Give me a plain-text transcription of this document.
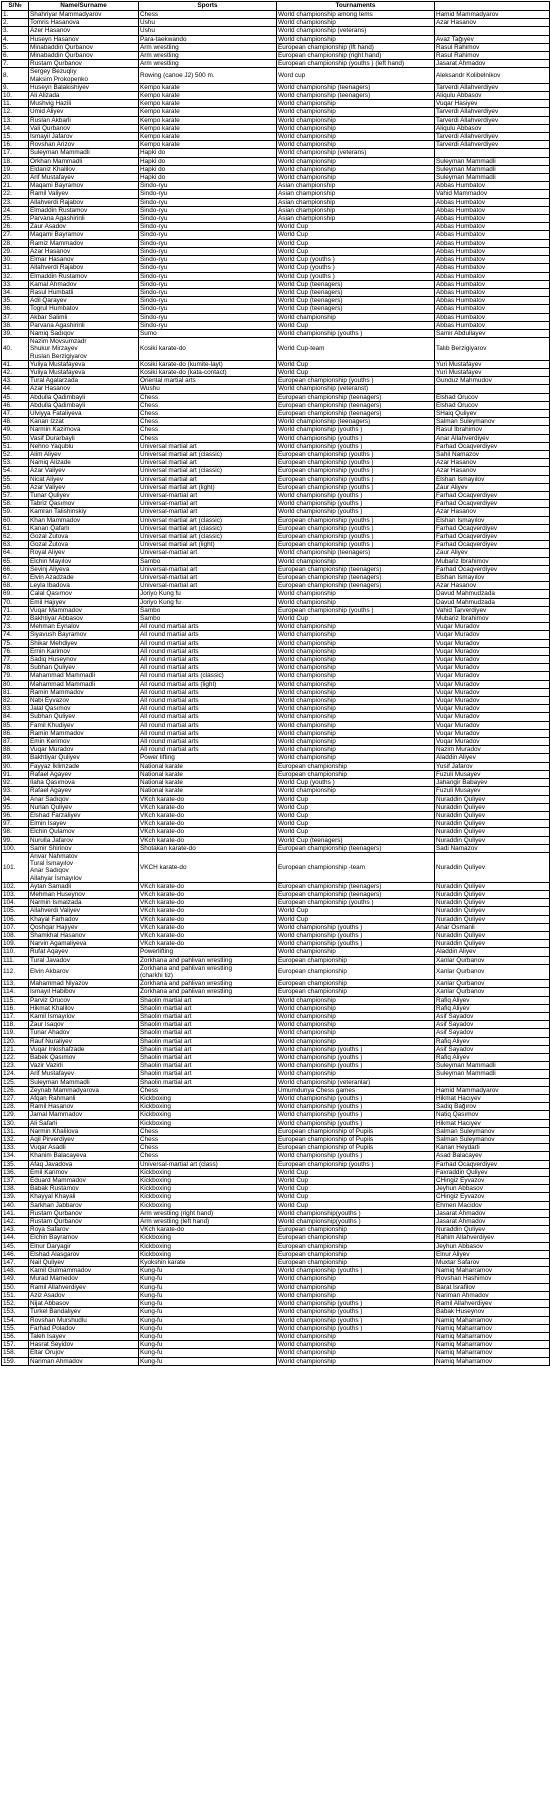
S/№	Name/Surname	Sports	Tournaments	
1.	Shahriyar Mammadyarov	Chess	World championship among tems	Hamid Mammadyarov
2.	Tomris Hasanova	Ushu	World championship	Azar Hasanov
3.	Azer Hasanov	Ushu	World championship (veterans)	
4.	Huseyn Hasanov	Para-taekwando	World championship	Avaz Tağıyev
5.	Minabaddin Qurbanov	Arm wrestling	European championship (lft hand)	Rasul Rahimov
6.	Minabaddin Qurbanov	Arm wrestling	European championship (right hand)	Rasul Rahimov
7.	Rustam Qurbanov	Arm wrestling	European championship (youths ) (left hand)	Jasarat Ahmadov
8.	Sergey Bezuqlıy
Maksim Prokopenko	Rowing (canoe J2) 500 m.	Word cup	Aleksandr Kolibelnikov
9.	Huseyn Balakishiyev	Kempo karate	World championship (teenagers)	Tarverdi Allahverdiyev
10.	Ali Alizada	Kempo karate	World championship (teenagers)	Aliqulu Abbasov
11.	Mushvig Hazili	Kempo karate	World championship	Vuqar Hasiyev
12.	Umid Aliyev	Kempo karate	World championship	Tarverdi Allahverdiyev
13.	Ruslan Akbarli	Kempo karate	World championship	Tarverdi Allahverdiyev
14.	Vali Qurbanov	Kempo karate	World championship	Aliqulu Abbasov
15.	Ismayil Jafarov	Kempo karate	World championship	Tarverdi Allahverdiyev
16.	Rovshan Arizov	Kempo karate	World championship	Tarverdi Allahverdiyev
17.	Suleyman Mammadli	Hapki do	World championship (veterans)	
18.	Orkhan Mammadli	Hapki do	World championship	Suleyman Mammadli
19.	Eldaniz Khalilov	Hapki do	World championship	Suleyman Mammadli
20.	Arif Mustafayev	Hapki do	World championship	Suleyman Mammadli
21.	Maqami Bayramov	Sindo-ryu	Asian championship	Abbas Humbatov
22.	Ramil Valiyev	Sindo-ryu	Asian championship	Vahid Mammadov
23.	Allahverdi Rajabov	Sindo-ryu	Asian championship	Abbas Humbatov
24.	Elmaddin Rustamov	Sindo-ryu	Asian championship	Abbas Humbatov
25.	Parvana Agashirinli	Sindo-ryu	Asian championship	Abbas Humbatov
26.	Zaur Asadov	Sindo-ryu	World Cup	Abbas Humbatov
27.	Maqami Bayramov	Sindo-ryu	World Cup	Abbas Humbatov
28.	Ramiz Mammadov	Sindo-ryu	World Cup	Abbas Humbatov
29.	Azar Hasanov	Sindo-ryu	World Cup	Abbas Humbatov
30.	Elmar Hasanov	Sindo-ryu	World Cup (youths )	Abbas Humbatov
31.	Allahverdi Rajabov	Sindo-ryu	World Cup (youths )	Abbas Humbatov
32.	Elmaddin Rustamov	Sindo-ryu	World Cup (youths )	Abbas Humbatov
33.	Kamal Ahmadov	Sindo-ryu	World Cup (teenagers)	Abbas Humbatov
34.	Rasul Humbatli	Sindo-ryu	World Cup (teenagers)	Abbas Humbatov
35.	Adil Qarayev	Sindo-ryu	World Cup (teenagers)	Abbas Humbatov
36.	Togrul Humbatov	Sindo-ryu	World Cup (teenagers)	Abbas Humbatov
37.	Akbar Salimli	Sindo-ryu	World championship	Abbas Humbatov
38.	Parvana Agashirinli	Sindo-ryu	World Cup	Abbas Humbatov
39.	Namiq Sadıqov	Sumo	World championship (youths )	Samir Abdullayev
40.	Nazim Movsumzadr
Shukur Mirzayev
Ruslan Berzigiyarov	Kosiki karate-do	World Cup-team	Talıb Berzigiyarov
41.	Yuliya Mustafayeva	Kosiki karate-do (kumite-layt)	World Cup	Yuri Mustafayev
42.	Yuliya Mustafayeva	Kosiki karate-do (kata-contact)	World Cup	Yuri Mustafayev
43.	Tural Agalarzada	Oriental martial arts	European championship (youths )	Gunduz Mahmudov
44.	Azar Hasanov	Wushu	World championship (veteranst)	
45.	Abdulla Qadimbayli	Chess	European championship (teenagers)	Elshad Orucov
46.	Abdulla Qadimbayli	Chess	European championship (teenagers)	Elshad Orucov
47.	Ulviyya Fataliyeva	Chess	European championship (teenagers)	SHaiq Quliyev
48.	Kanan Izzat	Chess	World championship (teenagers)	Salman Suleymanov
49.	Narmin Kazimova	Chess	World championship (youths )	Rasul İbrahimov
50.	Vasif Durarbayli	Chess	World championship (youths )	Anar Allahverdiyev
51.	Nehno Yaqublu	Universal martial art	World championship (youths )	Farhad Ocaqverdiyev
52.	Alim Aliyev	Universal martial art (classic)	European championship (youths )	Sahil Namazov
53.	Namiq Alizade	Universal martial art	European championship (youths )	Azar Hasanov
54.	Azar Valiyev	Universal martial art (classic)	European championship (youths )	Azar Hasanov
55.	Nicat Aliyev	Universal martial art	European championship (youths )	Elshan İsmayılov
56.	Azar Valiyev	Universal martial art (light)	European championship (youths )	Zaur Aliyev
57.	Tunar Quliyev	Universal-martial art	World championship (youths )	Farhad Ocaqverdiyev
58.	Tabriz Qasımov	Universal-martial art	World championship (youths )	Farhad Ocaqverdiyev
59.	Kamran Talishinskiy	Universal-martial art	World championship (youths )	Azar Hasanov
60.	Khan Mammadov	Universal martial art (classic)	European championship (youths )	Elshan İsmayılov
61.	Kanan Qafarlı	Universal martial art (classic)	European championship (youths )	Farhad Ocaqverdiyev
62.	Gozal Zutova	Universal martial art (classic)	European championship (youths )	Farhad Ocaqverdiyev
63.	Gozal Zutova	Universal martial art (light)	European championship (youths )	Farhad Ocaqverdiyev
64.	Royal Aliyev	Universal-martial art	World championship (teenagers)	Zaur Aliyev
65.	Elchin Mayılov	Sambo	World championship	Mubariz İbrahimov
66.	Sevinj Aliyeva	Universal-martial art	European championship (teenagers)	Farhad Ocaqverdiyev
67.	Elvin Azadzade	Universal-martial art	European championship (teenagers)	Elshan İsmayılov
68.	Leyla İbadova	Universal-martial art	European championship (teenagers)	Azar Hasanov
69.	Calal Qasımov	Joriyo Kung fu	World championship	Davud Mahmudzada
70.	Emil Hajıyev	Joriyo Kung fu	World championship	Davud Mahmudzada
71.	Vuqar Mammadov	Sambo	European championship (youths )	Vahid Tarverdiyev
72.	Bakhtiyar Abbasov	Sambo	World Cup	Mubariz İbrahimov
73.	Mehman Eynalov	All round martial arts	World championship	Vuqar Muradov
74.	Siyavush Bayramov	All round martial arts	World championship	Vuqar Muradov
75.	Shikar Mehdiyev	All round martial arts	World championship	Vuqar Muradov
76.	Ernin Karimov	All round martial arts	World championship	Vuqar Muradov
77.	Sadiq Huseynov	All round martial arts	World championship	Vuqar Muradov
78.	Subhan Quliyev	All round martial arts	World championship	Vuqar Muradov
79.	Mahammad Mammadli	All round martial arts (classic)	World championship	Vuqar Muradov
80.	Mahammad Mammadli	All round martial arts (light)	World championship	Vuqar Muradov
81.	Ramin Mammadov	All round martial arts	World championship	Vuqar Muradov
82.	Nabi Eyvazov	All round martial arts	World championship	Vuqar Muradov
83.	Jalal Qasımov	All round martial arts	World championship	Vuqar Muradov
84.	Subhan Quliyev	All round martial arts	World championship	Vuqar Muradov
85.	Famil Khudiyev	All round martial arts	World championship	Vuqar Muradov
86.	Ramin Mammadov	All round martial arts	World championship	Vuqar Muradov
87.	Emin Kerimov	All round martial arts	World championship	Vuqar Muradov
88.	Vuqar Muradov	All round martial arts	World championship	Nazim Muradov
89.	Bakhtiyar Quliyev	Power lifting	World championship	Aladdin Aliyev
90.	Fayyaz İklimzade	National karate	European championship	Yusif Jafarov
91.	Rafael Agayev	National karate	European championship	Fuzuli Musayev
92.	İlaha Qasımova	National karate	World Cup (youths )	Jahangir Babayev
93.	Rafael Agayev	National karate	World championship	Fuzuli Musayev
94.	Anar Sadıqov	VKch karate-do	World Cup	Nuraddin Quliyev
95.	Nurlan Quliyev	VKch karate-do	World Cup	Nuraddin Quliyev
96.	Elshad Farzaliyev	VKch karate-do	World Cup	Nuraddin Quliyev
97.	Elmin İsayev	VKch karate-do	World Cup	Nuraddin Quliyev
98.	Elchin Qulamov	VKch karate-do	World Cup	Nuraddin Quliyev
99.	Nurulla Jafarov	VKch karate-do	World Cup (teenagers)	Nuraddin Quliyev
100.	Samir Shirinov	Shotakan karate-do	European championship (teenagers)	Sadi Namazov
101.	Anvar Nahmatov
Tural İsmayılov
Anar Sadıqov
Allahyar İsmayılov	VKCH karate-do	European championship -team	Nuraddin Quliyev
102.	Aytan Samadli	VKch karate-do	European championship (teenagers)	Nuraddin Quliyev
103.	Mehman Huseynov	VKch karate-do	European championship (teenagers)	Nuraddin Quliyev
104.	Narmin Ismalzada	VKch karate-do	European championship (youths )	Nuraddin Quliyev
105.	Allahverdi Valiyev	VKch karate-do	World Cup	Nuraddin Quliyev
106.	Khayal Farhadov	VKch karate-do	World Cup	Nuraddin Quliyev
107.	Qoshqar Hajıyev	VKch karate-do	World championship (youths )	Anar Osmanli
108.	Shamkhal Hasanov	VKch karate-do	World championship (youths )	Nuraddin Quliyev
109.	Narvin Agamaliyeva	VKch karate-do	World championship (youths )	Nuraddin Quliyev
110.	Rufat Aqayev	Powerlifting	World championship	Aladdin Aliyev
111.	Tural Javadov	Zorkhana and pahlivan wrestling	European championship	Xanlar Qurbanov
112.	Elvin Akbarov	Zorkhana and pahlivan wrestling
(charkhi tiz)	European championship	Xanlar Qurbanov
113.	Mahammad Niyazov	Zorkhana and pahlivan wrestling	European championship	Xanlar Qurbanov
114.	İsmayıl Habibov	Zorkhana and pahlivan wrestling	European championship	Xanlar Qurbanov
115.	Parviz Orucov	Shaolin martial art	World championship	Rafiq Aliyev
116.	Hikmat Khalilov	Shaolin martial art	World championship	Rafiq Aliyev
117.	Kamil İsmayılov	Shaolin martial art	World championship	Asif Sayadov
118.	Zaur İsaqov	Shaolin martial art	World championship	Asif Sayadov
119.	Tunar Ahadov	Shaolin martial art	World championship	Asif Sayadov
120.	Rauf Nuraliyev	Shaolin martial art	World championship	Rafiq Aliyev
121.	Vuqar İnkishafzade	Shaolin martial art	World championship (youths )	Asif Sayadov
122.	Babek Qasımov	Shaolin martial art	World championship (youths )	Rafiq Aliyev
123.	Vazir Vazirli	Shaolin martial art	World championship (youths )	Suleyman Mammadli
124.	Arif Mustafayev	Shaolin martial art	World championship	Suleyman Mammadli
125.	Suleyman Mammadli	Shaolin martial art	World championship (veteranlar)	
126.	Zeynab Mammadyarova	Chess	Umumdunya Chess games	Hamid Mammadyarov
127.	Afqan Rahmanli	Kickboxing	World championship (youths )	Hikmat Hacıyev
128.	Ramil Hasanov	Kickboxing	World championship (youths )	Sadiq Bağırov
129.	Jamal Mammadov	Kickboxing	World championship (youths )	Natiq Qasımov
130.	Ali Safarli	Kickboxing	World championship (youths )	Hikmat Hacıyev
131.	Narmin Khalilova	Chess	European championship of Pupils	Salman Suleymanov
132.	Aqil Pirverdiyev	Chess	European championship of Pupils	Salman Suleymanov
133.	Vuqar Asadli	Chess	European championship of Pupils	Kanan Heydarli
134.	Khanim Balacayeva	Chess	World championship (youths )	Asad Balacayev
135.	Afaq Javadova	Universal-martial art (class)	European championship (youths )	Farhad Ocaqverdiyev
136.	Emil Karimov	Kickboxing	World Cup	Faxraddin Quliyev
137.	Eduard Mammadov	Kickboxing	World Cup	CHingiz Eyvazov
138.	Babak Rustamov	Kickboxing	World Cup	Jeyhun Abbasov
139.	Khayyal Khayali	Kickboxing	World Cup	CHingiz Eyvazov
140.	Sarkhan Jabbarov	Kickboxing	World Cup	Ehmen Macidov
141.	Rustam Qurbanov	Arm wrestling (right hand)	World championship(youths )	Jasarat Ahmadov
142.	Rustam Qurbanov	Arm wrestling (left hand)	World championship(youths )	Jasarat Ahmadov
143.	Roya Safarov	VKch karate-do	European championship	Nuraddin Quliyev
144.	Elchin Bayramov	Kickboxing	European championship	Rahim Allahverdiyev
145.	Elnur Daryagir	Kickboxing	European championship	Jeyhun Abbasov
146.	Elshad Alasgarov	Kickboxing	European championship	Elnur Aliyev
147.	Nail Quliyev	Kyokshin karate	European championship	Muxtar Safarov
148.	Kamil Gulmammadov	Kung-fu	World championship (youths )	Namiq Maharramov
149.	Murad Mamedov	Kung-fu	World championship	Rovshan Hashimov
150.	Ramil Allahverdiyev	Kung-fu	World championship	Barat İsrafilov
151.	Aziz Asadov	Kung-fu	World championship	Nariman Ahmadov
152.	Nijat Abbasov	Kung-fu	World championship (youths )	Ramil Allahverdiyev
153.	Turkel Bandaliyev	Kung-fu	World championship (youths )	Babak Huseynov
154.	Rovshan Murshudlu	Kung-fu	World championship (youths )	Namiq Maharramov
155.	Farhad Poladov	Kung-fu	World championship (youths )	Namiq Maharramov
156.	Taleh İsayev	Kung-fu	World championship	Namiq Maharramov
157.	Hasrat Seyidov	Kung-fu	World championship	Namiq Maharramov
158.	Eltar Orujov	Kung-fu	World championship	Namiq Maharramov
159.	Nariman Ahmadov	Kung-fu	World championship	Namiq Maharramov
